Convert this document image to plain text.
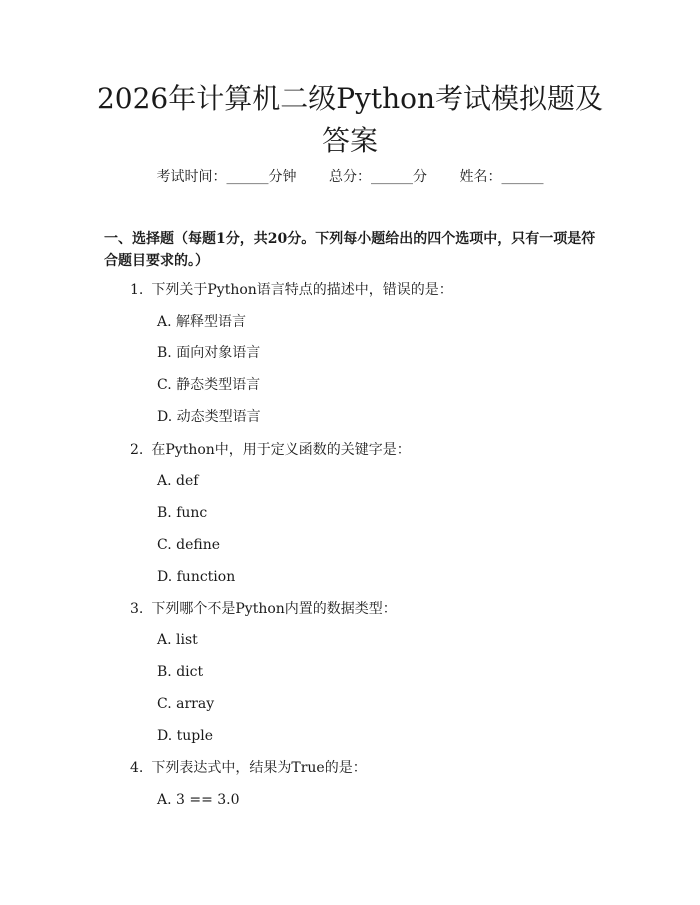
2026年计算机二级Python考试模拟题及答案
考试时间：______分钟 总分：______分 姓名：______
一、选择题（每题1分，共20分。下列每小题给出的四个选项中，只有一项是符合题目要求的。）
1. 下列关于Python语言特点的描述中，错误的是：
A. 解释型语言
B. 面向对象语言
C. 静态类型语言
D. 动态类型语言
2. 在Python中，用于定义函数的关键字是：
A. def
B. func
C. define
D. function
3. 下列哪个不是Python内置的数据类型：
A. list
B. dict
C. array
D. tuple
4. 下列表达式中，结果为True的是：
A. 3 == 3.0
